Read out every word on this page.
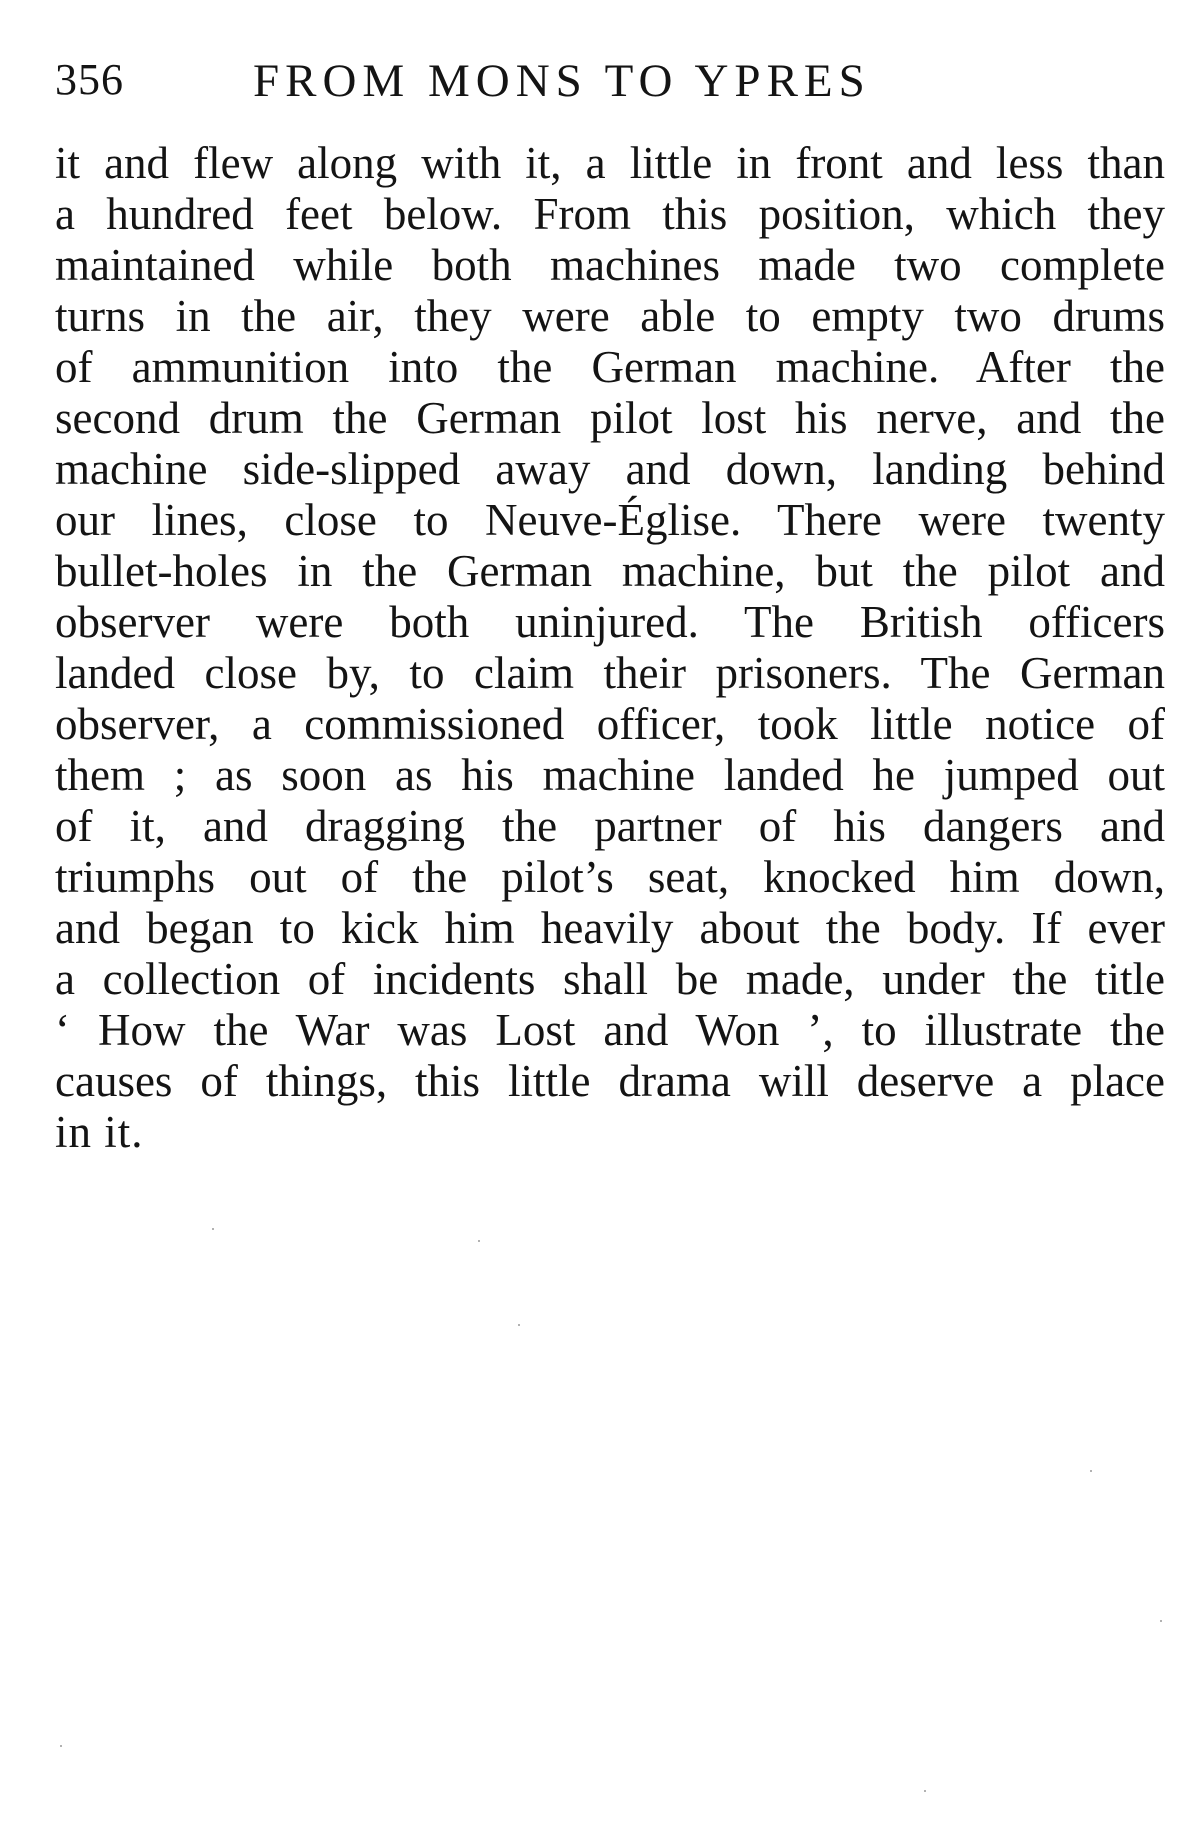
356	FROM MONS TO YPRES
it and flew along with it, a little in front and less than
a hundred feet below. From this position, which they
maintained while both machines made two complete
turns in the air, they were able to empty two drums
of ammunition into the German machine. After the
second drum the German pilot lost his nerve, and the
machine side-slipped away and down, landing behind
our lines, close to Neuve-Église. There were twenty
bullet-holes in the German machine, but the pilot and
observer were both uninjured. The British officers
landed close by, to claim their prisoners. The German
observer, a commissioned officer, took little notice of
them ; as soon as his machine landed he jumped out
of it, and dragging the partner of his dangers and
triumphs out of the pilot’s seat, knocked him down,
and began to kick him heavily about the body. If ever
a collection of incidents shall be made, under the title
‘ How the War was Lost and Won ’, to illustrate the
causes of things, this little drama will deserve a place
in it.
